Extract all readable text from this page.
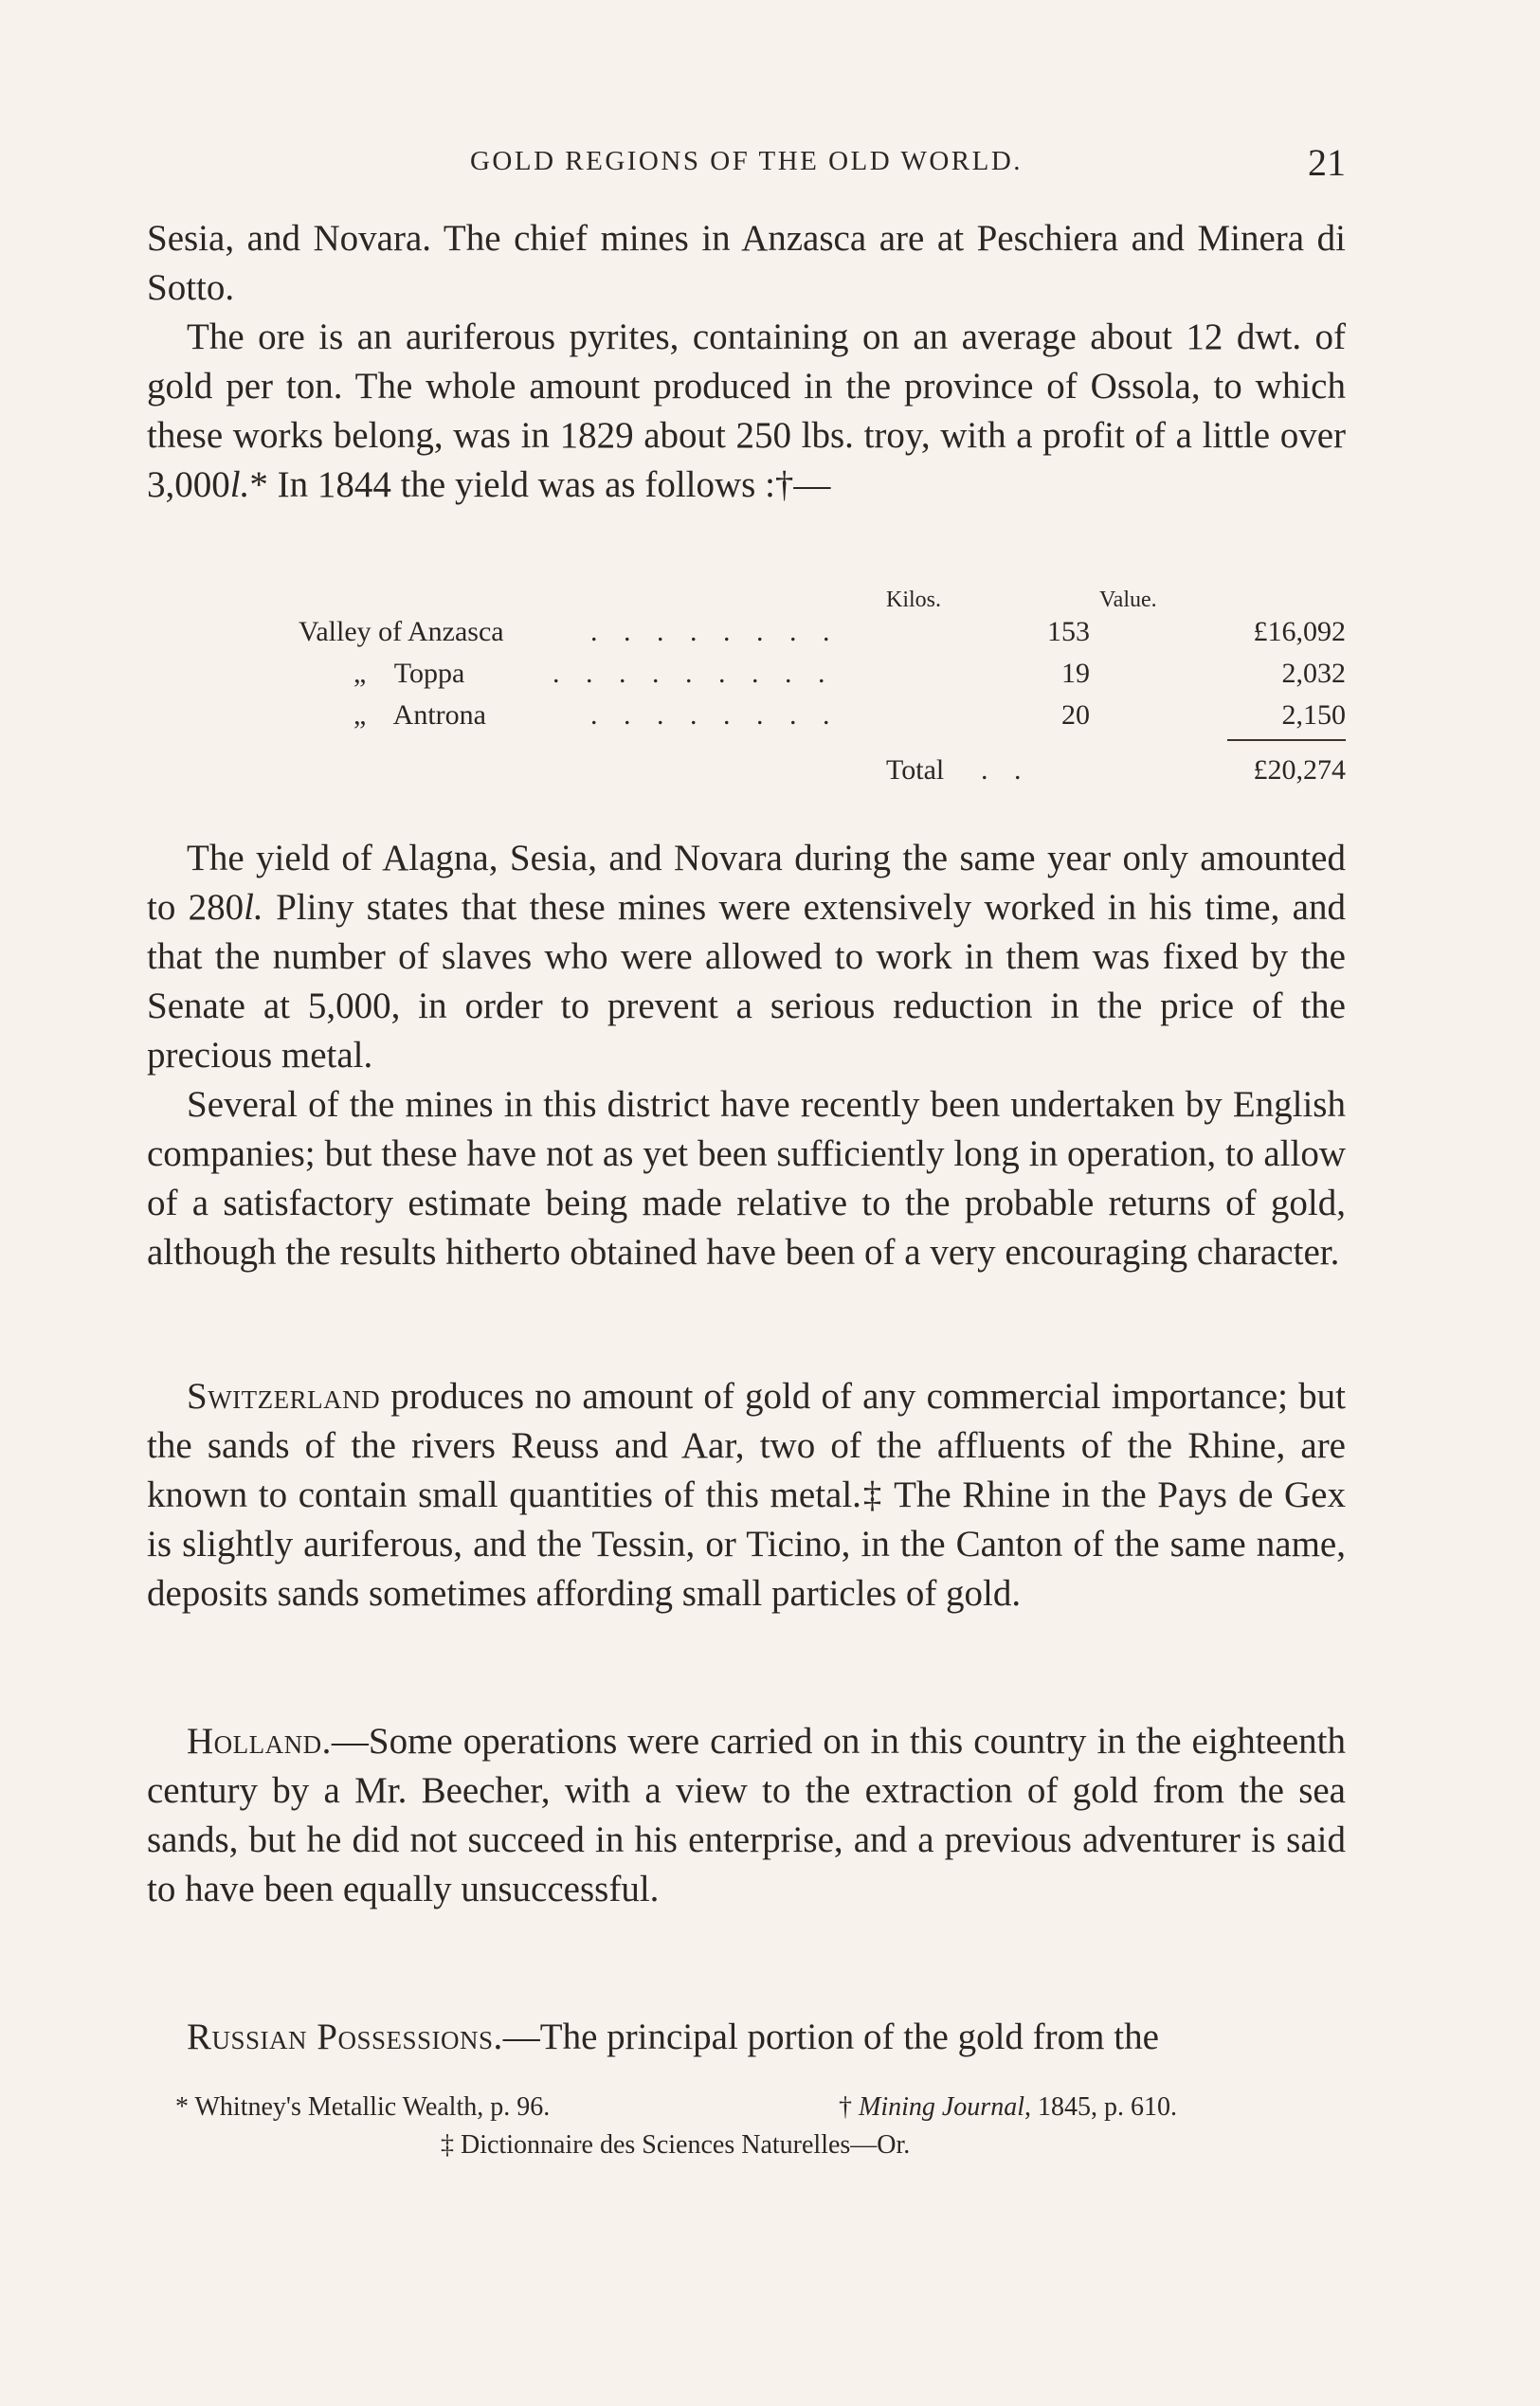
GOLD REGIONS OF THE OLD WORLD.	21

Sesia, and Novara. The chief mines in Anzasca are at Peschiera and Minera di Sotto.

The ore is an auriferous pyrites, containing on an average about 12 dwt. of gold per ton. The whole amount produced in the province of Ossola, to which these works belong, was in 1829 about 250 lbs. troy, with a profit of a little over 3,000l.* In 1844 the yield was as follows :†—

Kilos.	Value.
Valley of Anzasca	. . . . . . . .	153	£16,092
„    Toppa	. . . . . . . . .	19	2,032
„    Antrona	. . . . . . . .	20	2,150
Total . .	£20,274

The yield of Alagna, Sesia, and Novara during the same year only amounted to 280l. Pliny states that these mines were extensively worked in his time, and that the number of slaves who were allowed to work in them was fixed by the Senate at 5,000, in order to prevent a serious reduction in the price of the precious metal.

Several of the mines in this district have recently been undertaken by English companies; but these have not as yet been sufficiently long in operation, to allow of a satisfactory estimate being made relative to the probable returns of gold, although the results hitherto obtained have been of a very encouraging character.

Switzerland produces no amount of gold of any commercial importance; but the sands of the rivers Reuss and Aar, two of the affluents of the Rhine, are known to contain small quantities of this metal.‡ The Rhine in the Pays de Gex is slightly auriferous, and the Tessin, or Ticino, in the Canton of the same name, deposits sands sometimes affording small particles of gold.

Holland.—Some operations were carried on in this country in the eighteenth century by a Mr. Beecher, with a view to the extraction of gold from the sea sands, but he did not succeed in his enterprise, and a previous adventurer is said to have been equally unsuccessful.

Russian Possessions.—The principal portion of the gold from the

* Whitney's Metallic Wealth, p. 96.	† Mining Journal, 1845, p. 610.
‡ Dictionnaire des Sciences Naturelles—Or.
